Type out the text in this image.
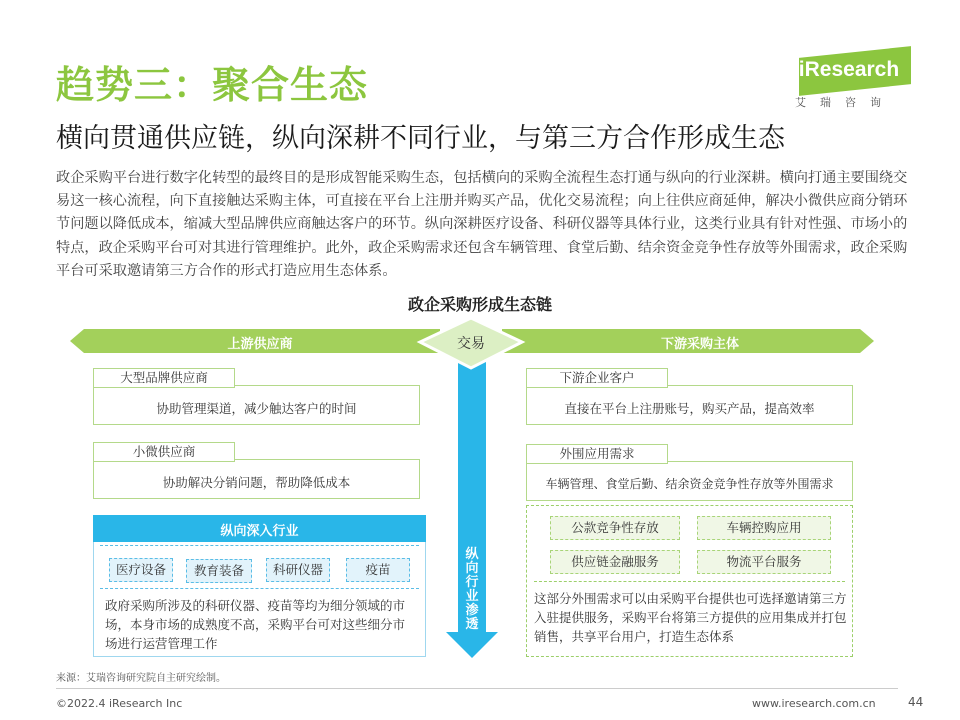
趋势三：聚合生态
横向贯通供应链，纵向深耕不同行业，与第三方合作形成生态
iResearch
艾瑞咨询
政企采购平台进行数字化转型的最终目的是形成智能采购生态，包括横向的采购全流程生态打通与纵向的行业深耕。横向打通主要围绕交易这一核心流程，向下直接触达采购主体，可直接在平台上注册并购买产品，优化交易流程；向上往供应商延伸，解决小微供应商分销环节问题以降低成本，缩减大型品牌供应商触达客户的环节。纵向深耕医疗设备、科研仪器等具体行业，这类行业具有针对性强、市场小的特点，政企采购平台可对其进行管理维护。此外，政企采购需求还包含车辆管理、食堂后勤、结余资金竞争性存放等外围需求，政企采购平台可采取邀请第三方合作的形式打造应用生态体系。
政企采购形成生态链
上游供应商	下游采购主体
交易
纵向行业渗透
大型品牌供应商
协助管理渠道，减少触达客户的时间
小微供应商
协助解决分销问题，帮助降低成本
纵向深入行业
医疗设备	教育装备	科研仪器	疫苗
政府采购所涉及的科研仪器、疫苗等均为细分领域的市场，本身市场的成熟度不高，采购平台可对这些细分市场进行运营管理工作
下游企业客户
直接在平台上注册账号，购买产品，提高效率
外围应用需求
车辆管理、食堂后勤、结余资金竞争性存放等外围需求
公款竞争性存放	车辆控购应用
供应链金融服务	物流平台服务
这部分外围需求可以由采购平台提供也可选择邀请第三方入驻提供服务，采购平台将第三方提供的应用集成并打包销售，共享平台用户，打造生态体系
来源：艾瑞咨询研究院自主研究绘制。
©2022.4 iResearch Inc	www.iresearch.com.cn	44
